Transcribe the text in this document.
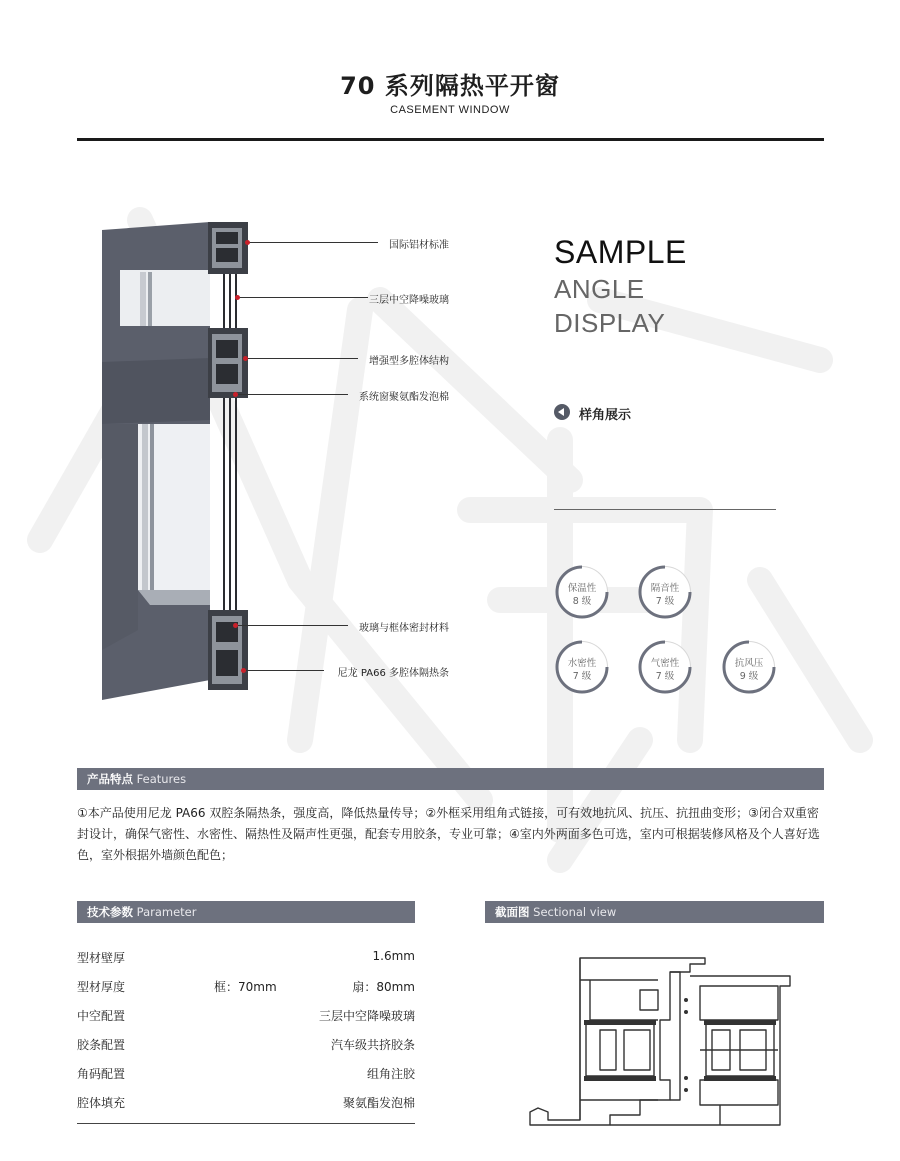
70 系列隔热平开窗
CASEMENT WINDOW
国际铝材标准
三层中空降噪玻璃
增强型多腔体结构
系统窗聚氨酯发泡棉
玻璃与框体密封材料
尼龙 PA66 多腔体隔热条
SAMPLE
ANGLE
DISPLAY
样角展示
保温性
8 级
隔音性
7 级
水密性
7 级
气密性
7 级
抗风压
9 级
产品特点 Features
①本产品使用尼龙 PA66 双腔条隔热条，强度高，降低热量传导；②外框采用组角式链接，可有效地抗风、抗压、抗扭曲变形；③闭合双重密封设计，确保气密性、水密性、隔热性及隔声性更强，配套专用胶条，专业可靠；④室内外两面多色可选，室内可根据装修风格及个人喜好选色，室外根据外墙颜色配色；
技术参数 Parameter
型材壁厚	1.6mm
型材厚度	框：70mm	扇：80mm
中空配置	三层中空降噪玻璃
胶条配置	汽车级共挤胶条
角码配置	组角注胶
腔体填充	聚氨酯发泡棉
截面图 Sectional view
